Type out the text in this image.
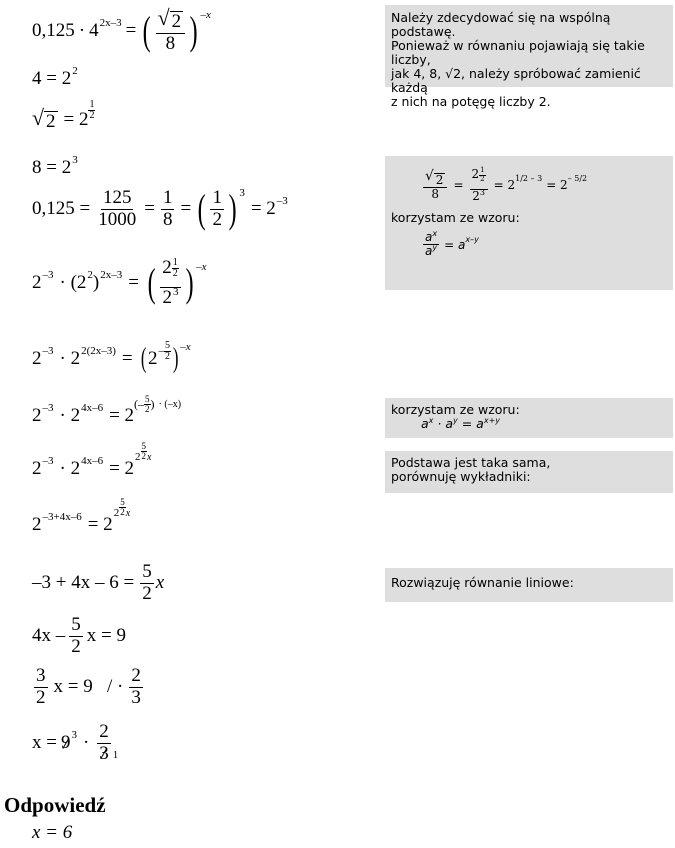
0,125 · 4 2x–3 = ( $\frac{√ 2}{8}$ ) –x
4 = 2 2
√ 2 = 2
1
2
8 = 2 3
$0,125 = \frac{125}{1000} = \frac{1}{8}$ = ( $\frac{1}{2}$ ) 3
= 2 –3
2 –3 · (2 2 ) 2x–3 = ( $\frac{2 \frac{1}{2}}{2^3}$ ) –x
2 –3 · 2 2(2x–3) = ( 2 – 5
2 ) –x
2 –3 · 2 4x–6 = 2
(– 5
2 ) · (–x)
2 –3 · 2 4x–6 = 2
2
5
2 x
2 –3+4x–6 = 2
2
5
2 x
$-3 + 4x - 6 = \frac{5}{2}$ x
$4x - \frac{5}{2}$ x = 9
$\frac{3}{2}$ x = 9   / · $\frac{2}{3}$
x = 9 $3 \cdot \frac{2}{3} 1$
Należy zdecydować się na wspólną podstawę.
Ponieważ w równaniu pojawiają się takie liczby,
jak 4, 8, √2, należy spróbować zamienić każdą
z nich na potęgę liczby 2.
$\frac{√ 2}{8} = \frac{2 \frac{1}{2}}{2^3} = 2$ 1/2 – 3 = 2 – 5/2
korzystam ze wzoru:
$\frac{a^x}{a^y} = a$ x–y
korzystam ze wzoru:
$a^x \cdot a^y = a^{x+y}$
Podstawa jest taka sama,
porównuję wykładniki:
Rozwiązuję równanie liniowe:
Odpowiedź
x = 6
